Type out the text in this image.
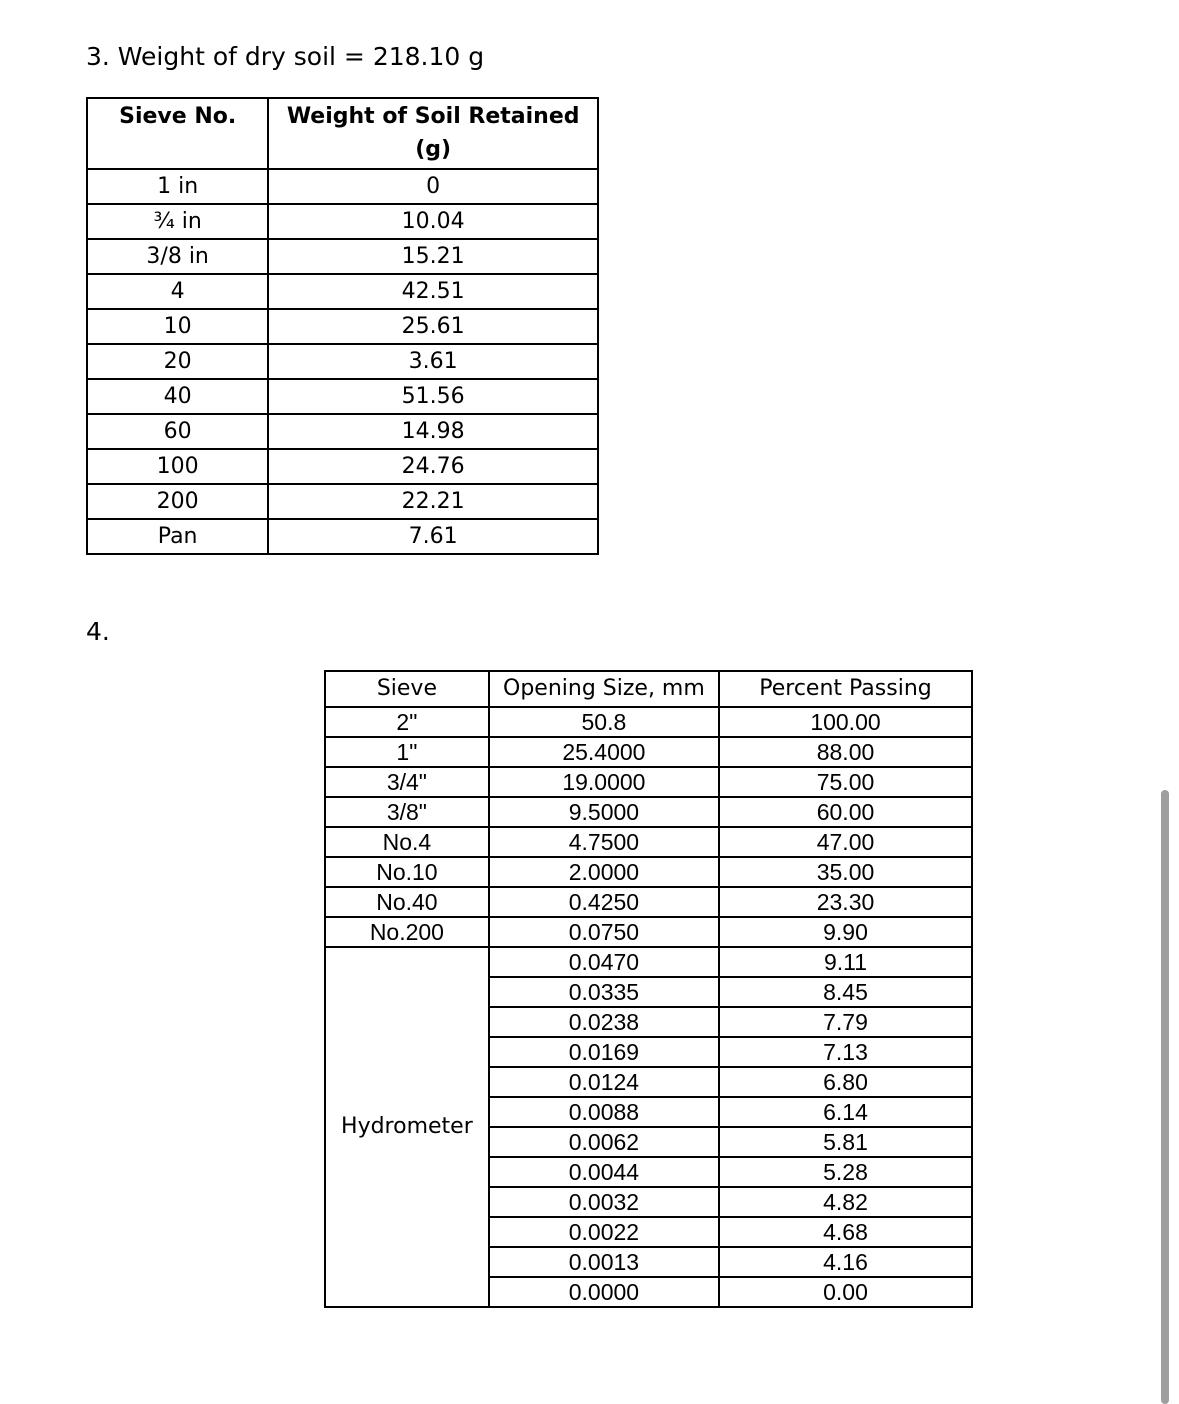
3. Weight of dry soil = 218.10 g
Sieve No.	Weight of Soil Retained
(g)
1 in	0
¾ in	10.04
3/8 in	15.21
4	42.51
10	25.61
20	3.61
40	51.56
60	14.98
100	24.76
200	22.21
Pan	7.61
4.
Sieve	Opening Size, mm	Percent Passing
2"	50.8	100.00
1"	25.4000	88.00
3/4"	19.0000	75.00
3/8"	9.5000	60.00
No.4	4.7500	47.00
No.10	2.0000	35.00
No.40	0.4250	23.30
No.200	0.0750	9.90
Hydrometer	0.0470	9.11
	0.0335	8.45
	0.0238	7.79
	0.0169	7.13
	0.0124	6.80
	0.0088	6.14
	0.0062	5.81
	0.0044	5.28
	0.0032	4.82
	0.0022	4.68
	0.0013	4.16
	0.0000	0.00
